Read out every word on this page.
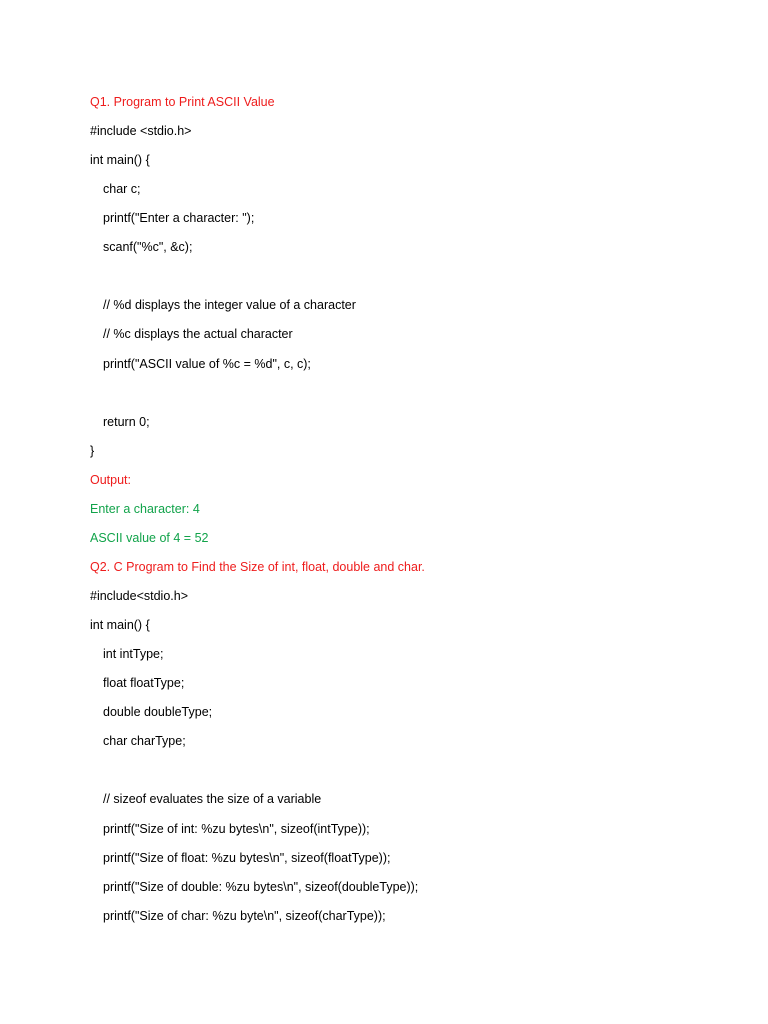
Q1. Program to Print ASCII Value
#include <stdio.h>
int main() {
char c;
printf("Enter a character: ");
scanf("%c", &c);
// %d displays the integer value of a character
// %c displays the actual character
printf("ASCII value of %c = %d", c, c);
return 0;
}
Output:
Enter a character: 4
ASCII value of 4 = 52
Q2. C Program to Find the Size of int, float, double and char.
#include<stdio.h>
int main() {
int intType;
float floatType;
double doubleType;
char charType;
// sizeof evaluates the size of a variable
printf("Size of int: %zu bytes\n", sizeof(intType));
printf("Size of float: %zu bytes\n", sizeof(floatType));
printf("Size of double: %zu bytes\n", sizeof(doubleType));
printf("Size of char: %zu byte\n", sizeof(charType));
